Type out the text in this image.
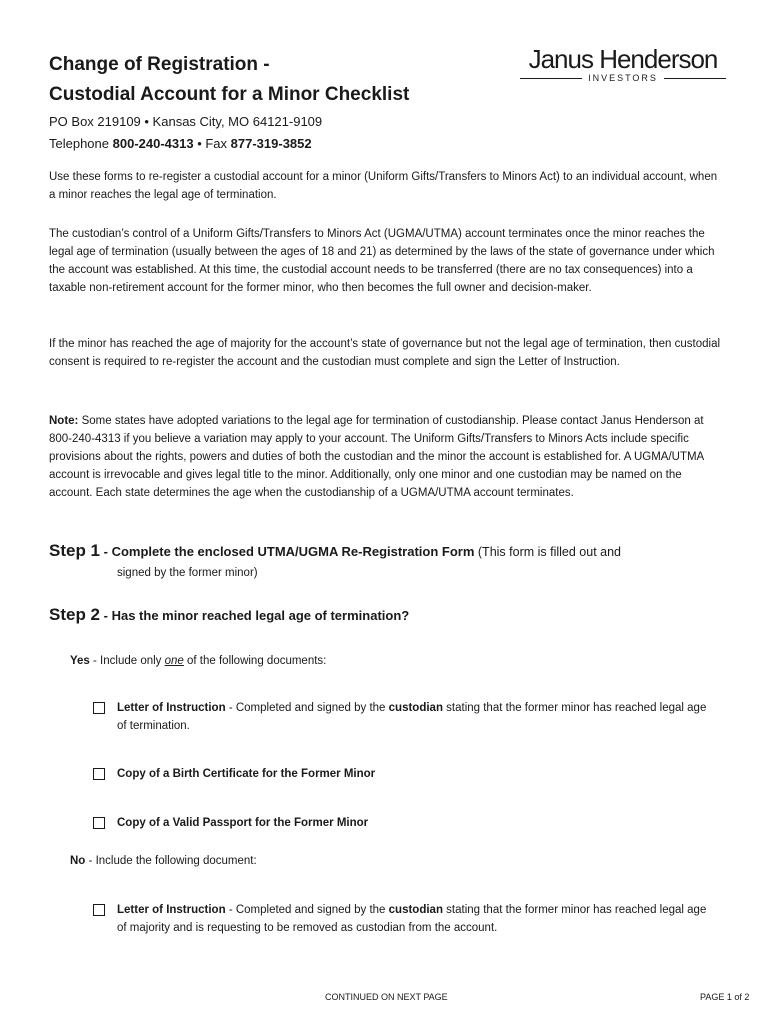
Change of Registration -
Custodial Account for a Minor Checklist
Janus Henderson
INVESTORS
PO Box 219109 • Kansas City, MO 64121-9109
Telephone 800-240-4313 • Fax 877-319-3852
Use these forms to re-register a custodial account for a minor (Uniform Gifts/Transfers to Minors Act) to an individual account, when a minor reaches the legal age of termination.
The custodian’s control of a Uniform Gifts/Transfers to Minors Act (UGMA/UTMA) account terminates once the minor reaches the legal age of termination (usually between the ages of 18 and 21) as determined by the laws of the state of governance under which the account was established. At this time, the custodial account needs to be transferred (there are no tax consequences) into a taxable non-retirement account for the former minor, who then becomes the full owner and decision-maker.
If the minor has reached the age of majority for the account’s state of governance but not the legal age of termination, then custodial consent is required to re-register the account and the custodian must complete and sign the Letter of Instruction.
Note: Some states have adopted variations to the legal age for termination of custodianship. Please contact Janus Henderson at 800-240-4313 if you believe a variation may apply to your account. The Uniform Gifts/Transfers to Minors Acts include specific provisions about the rights, powers and duties of both the custodian and the minor the account is established for. A UGMA/UTMA account is irrevocable and gives legal title to the minor. Additionally, only one minor and one custodian may be named on the account. Each state determines the age when the custodianship of a UGMA/UTMA account terminates.
Step 1 - Complete the enclosed UTMA/UGMA Re-Registration Form (This form is filled out and
signed by the former minor)
Step 2 - Has the minor reached legal age of termination?
Yes - Include only one of the following documents:
Letter of Instruction - Completed and signed by the custodian stating that the former minor has reached legal age of termination.
Copy of a Birth Certificate for the Former Minor
Copy of a Valid Passport for the Former Minor
No - Include the following document:
Letter of Instruction - Completed and signed by the custodian stating that the former minor has reached legal age of majority and is requesting to be removed as custodian from the account.
CONTINUED ON NEXT PAGE	PAGE 1 of 2
